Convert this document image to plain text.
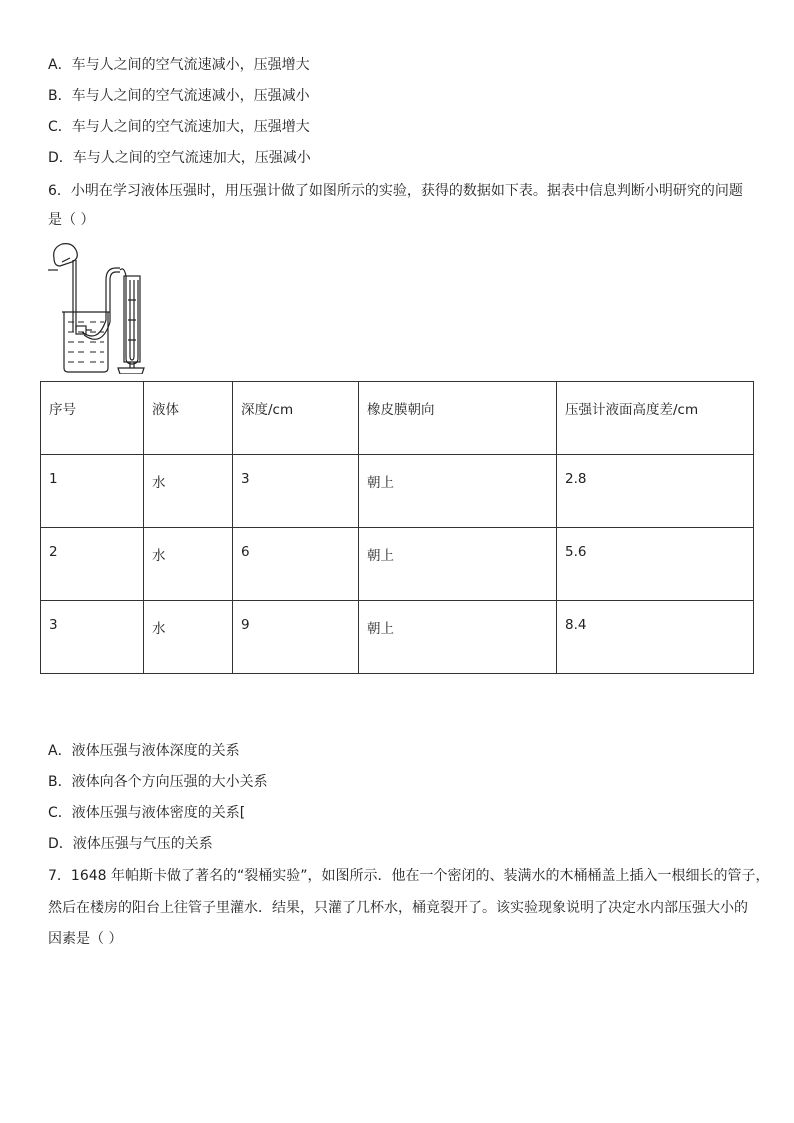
A．车与人之间的空气流速减小，压强增大
B．车与人之间的空气流速减小，压强减小
C．车与人之间的空气流速加大，压强增大
D．车与人之间的空气流速加大，压强减小
6．小明在学习液体压强时，用压强计做了如图所示的实验，获得的数据如下表。据表中信息判断小明研究的问题
是（ ）
序号	液体	深度/cm	橡皮膜朝向	压强计液面高度差/cm
1	水	3	朝上	2.8
2	水	6	朝上	5.6
3	水	9	朝上	8.4
A．液体压强与液体深度的关系
B．液体向各个方向压强的大小关系
C．液体压强与液体密度的关系[
D．液体压强与气压的关系
7．1648 年帕斯卡做了著名的“裂桶实验”，如图所示．他在一个密闭的、装满水的木桶桶盖上插入一根细长的管子，
然后在楼房的阳台上往管子里灌水．结果，只灌了几杯水，桶竟裂开了。该实验现象说明了决定水内部压强大小的
因素是（ ）
